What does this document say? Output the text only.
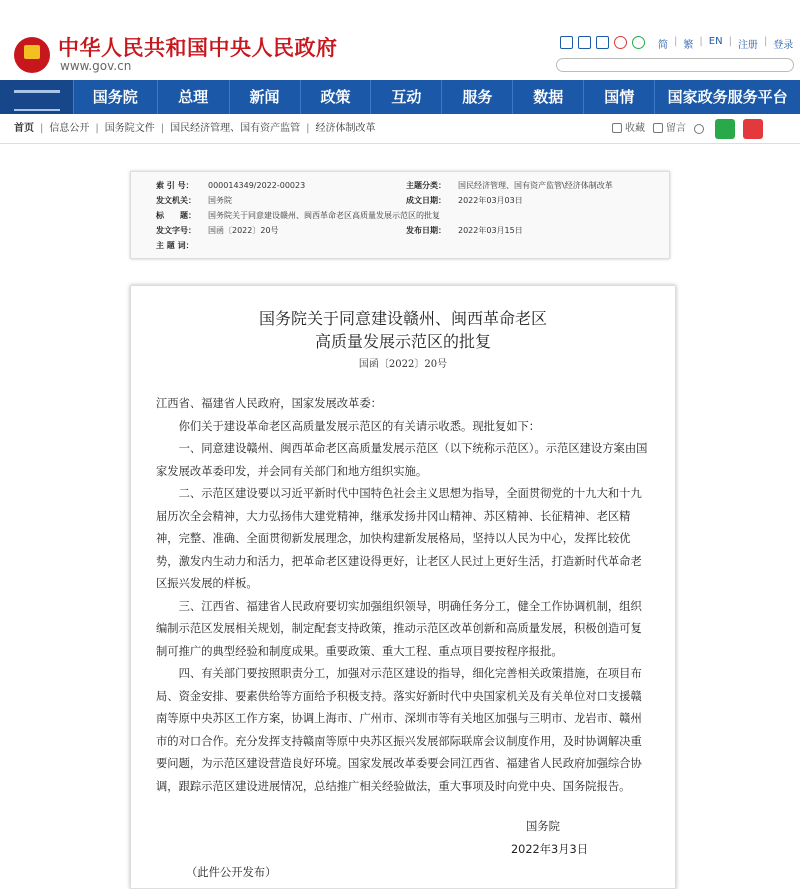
中华人民共和国中央人民政府
www.gov.cn
简 | 繁 | EN | 注册 | 登录
国务院	总理	新闻	政策	互动	服务	数据	国情	国家政务服务平台
首页 | 信息公开 | 国务院文件 | 国民经济管理、国有资产监管 | 经济体制改革	收藏	留言
索 引 号： 000014349/2022-00023	主题分类： 国民经济管理、国有资产监管\经济体制改革
发文机关： 国务院	成文日期： 2022年03月03日
标　　题： 国务院关于同意建设赣州、闽西革命老区高质量发展示范区的批复
发文字号： 国函〔2022〕20号	发布日期： 2022年03月15日
主 题 词：
国务院关于同意建设赣州、闽西革命老区
高质量发展示范区的批复
国函〔2022〕20号

江西省、福建省人民政府，国家发展改革委：

你们关于建设革命老区高质量发展示范区的有关请示收悉。现批复如下：

一、同意建设赣州、闽西革命老区高质量发展示范区（以下统称示范区）。示范区建设方案由国家发展改革委印发，并会同有关部门和地方组织实施。

二、示范区建设要以习近平新时代中国特色社会主义思想为指导，全面贯彻党的十九大和十九届历次全会精神，大力弘扬伟大建党精神，继承发扬井冈山精神、苏区精神、长征精神、老区精神，完整、准确、全面贯彻新发展理念，加快构建新发展格局，坚持以人民为中心，发挥比较优势，激发内生动力和活力，把革命老区建设得更好，让老区人民过上更好生活，打造新时代革命老区振兴发展的样板。

三、江西省、福建省人民政府要切实加强组织领导，明确任务分工，健全工作协调机制，组织编制示范区发展相关规划，制定配套支持政策，推动示范区改革创新和高质量发展，积极创造可复制可推广的典型经验和制度成果。重要政策、重大工程、重点项目要按程序报批。

四、有关部门要按照职责分工，加强对示范区建设的指导，细化完善相关政策措施，在项目布局、资金安排、要素供给等方面给予积极支持。落实好新时代中央国家机关及有关单位对口支援赣南等原中央苏区工作方案，协调上海市、广州市、深圳市等有关地区加强与三明市、龙岩市、赣州市的对口合作。充分发挥支持赣南等原中央苏区振兴发展部际联席会议制度作用，及时协调解决重要问题，为示范区建设营造良好环境。国家发展改革委要会同江西省、福建省人民政府加强综合协调，跟踪示范区建设进展情况，总结推广相关经验做法，重大事项及时向党中央、国务院报告。

国务院
2022年3月3日
（此件公开发布）
